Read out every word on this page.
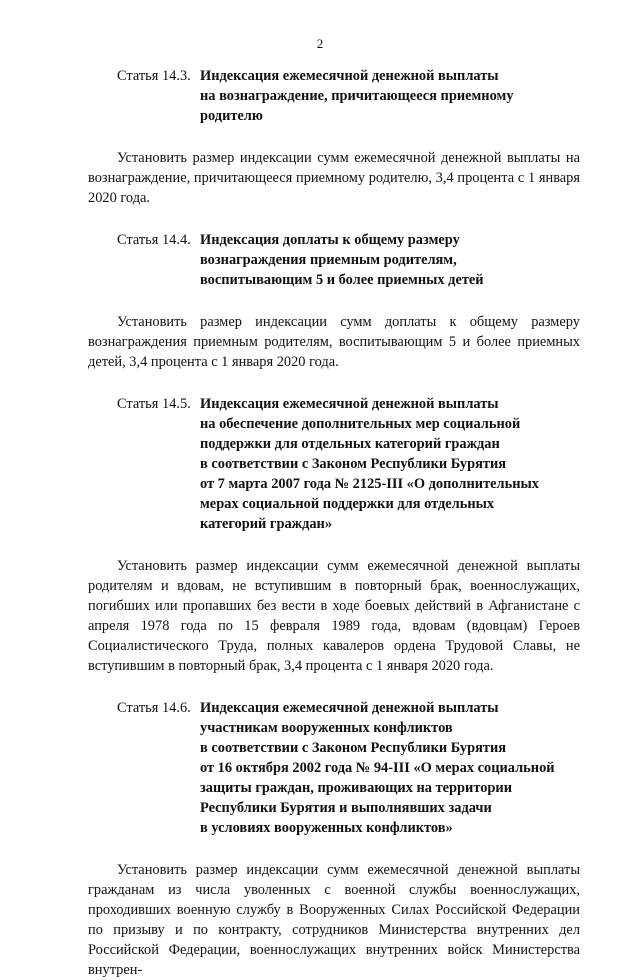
2
Статья 14.3. Индексация ежемесячной денежной выплаты
на вознаграждение, причитающееся приемному
родителю
Установить размер индексации сумм ежемесячной денежной выплаты на вознаграждение, причитающееся приемному родителю, 3,4 процента с 1 января 2020 года.
Статья 14.4. Индексация доплаты к общему размеру
вознаграждения приемным родителям,
воспитывающим 5 и более приемных детей
Установить размер индексации сумм доплаты к общему размеру вознаграждения приемным родителям, воспитывающим 5 и более приемных детей, 3,4 процента с 1 января 2020 года.
Статья 14.5. Индексация ежемесячной денежной выплаты
на обеспечение дополнительных мер социальной
поддержки для отдельных категорий граждан
в соответствии с Законом Республики Бурятия
от 7 марта 2007 года № 2125-III «О дополнительных
мерах социальной поддержки для отдельных
категорий граждан»
Установить размер индексации сумм ежемесячной денежной выплаты родителям и вдовам, не вступившим в повторный брак, военнослужащих, погибших или пропавших без вести в ходе боевых действий в Афганистане с апреля 1978 года по 15 февраля 1989 года, вдовам (вдовцам) Героев Социалистического Труда, полных кавалеров ордена Трудовой Славы, не вступившим в повторный брак, 3,4 процента с 1 января 2020 года.
Статья 14.6. Индексация ежемесячной денежной выплаты
участникам вооруженных конфликтов
в соответствии с Законом Республики Бурятия
от 16 октября 2002 года № 94-III «О мерах социальной
защиты граждан, проживающих на территории
Республики Бурятия и выполнявших задачи
в условиях вооруженных конфликтов»
Установить размер индексации сумм ежемесячной денежной выплаты гражданам из числа уволенных с военной службы военнослужащих, проходивших военную службу в Вооруженных Силах Российской Федерации по призыву и по контракту, сотрудников Министерства внутренних дел Российской Федерации, военнослужащих внутренних войск Министерства внутрен-
